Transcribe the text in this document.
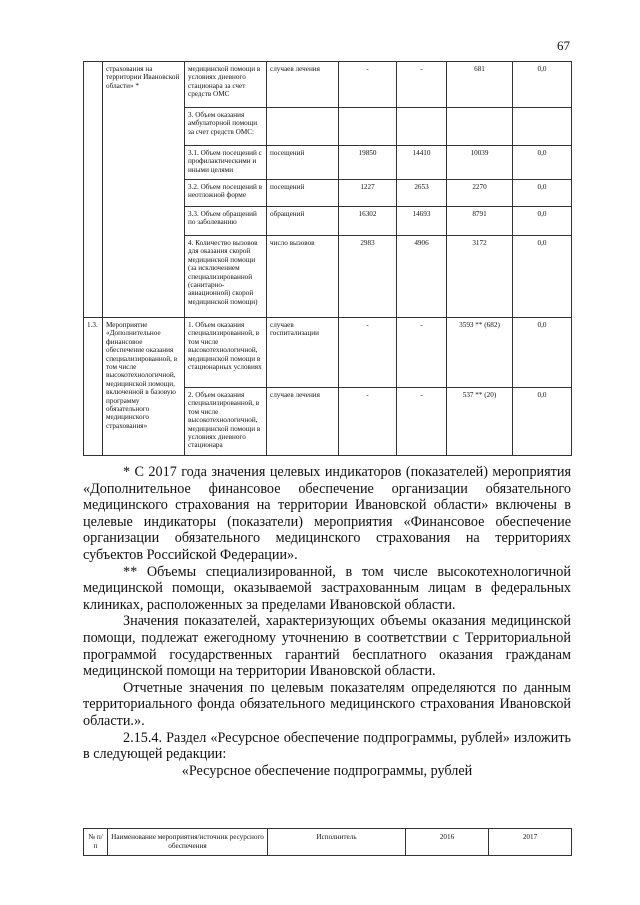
67
	страхования на территории Ивановской области» *	медицинской помощи в условиях дневного стационара за счет средств ОМС	случаев лечения	-	-	681	0,0
		3. Объем оказания амбулаторной помощи за счет средств ОМС:					
		3.1. Объем посещений с профилактическими и иными целями	посещений	19850	14410	10039	0,0
		3.2. Объем посещений в неотложной форме	посещений	1227	2653	2270	0,0
		3.3. Объем обращений по заболеванию	обращений	16302	14693	8791	0,0
		4. Количество вызовов для оказания скорой медицинской помощи (за исключением специализированной (санитарно-авиационной) скорой медицинской помощи)	число вызовов	2983	4906	3172	0,0
1.3.	Мероприятие «Дополнительное финансовое обеспечение оказания специализированной, в том числе высокотехнологичной, медицинской помощи, включенной в базовую программу обязательного медицинского страхования»	1. Объем оказания специализированной, в том числе высокотехнологичной, медицинской помощи в стационарных условиях	случаев госпитализации	-	-	3593 ** (682)	0,0
		2. Объем оказания специализированной, в том числе высокотехнологичной, медицинской помощи в условиях дневного стационара	случаев лечения	-	-	537 ** (20)	0,0

* С 2017 года значения целевых индикаторов (показателей) мероприятия «Дополнительное финансовое обеспечение организации обязательного медицинского страхования на территории Ивановской области» включены в целевые индикаторы (показатели) мероприятия «Финансовое обеспечение организации обязательного медицинского страхования на территориях субъектов Российской Федерации».

** Объемы специализированной, в том числе высокотехнологичной медицинской помощи, оказываемой застрахованным лицам в федеральных клиниках, расположенных за пределами Ивановской области.

Значения показателей, характеризующих объемы оказания медицинской помощи, подлежат ежегодному уточнению в соответствии с Территориальной программой государственных гарантий бесплатного оказания гражданам медицинской помощи на территории Ивановской области.

Отчетные значения по целевым показателям определяются по данным территориального фонда обязательного медицинского страхования Ивановской области.».

2.15.4. Раздел «Ресурсное обеспечение подпрограммы, рублей» изложить в следующей редакции:

«Ресурсное обеспечение подпрограммы, рублей

№ п/п	Наименование мероприятия/источник ресурсного обеспечения	Исполнитель	2016	2017
